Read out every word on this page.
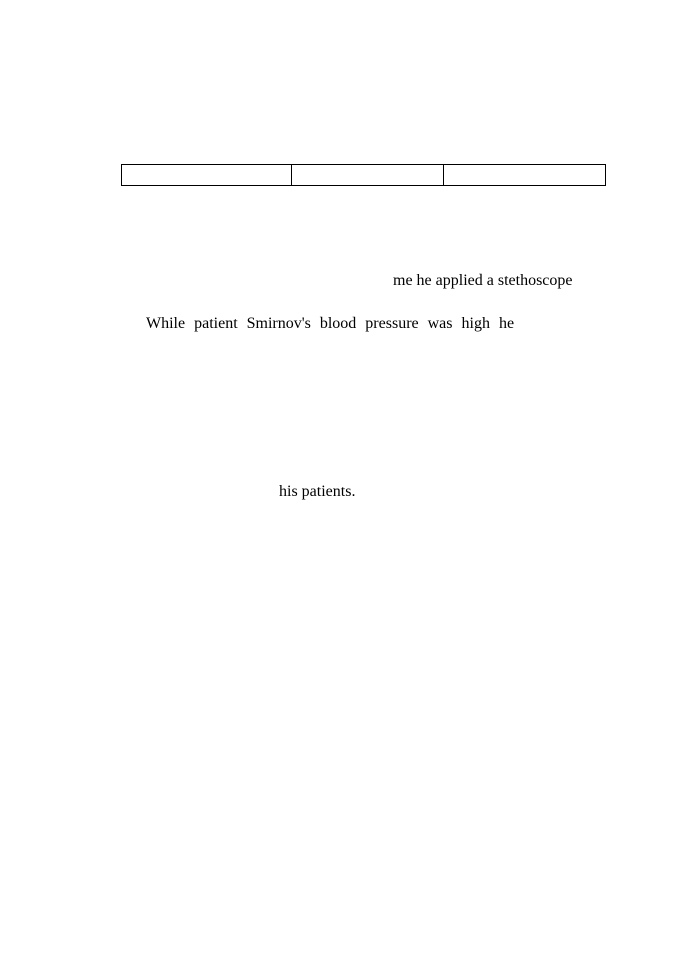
me he applied a stethoscope
While patient Smirnov's blood pressure was high he
his patients.
